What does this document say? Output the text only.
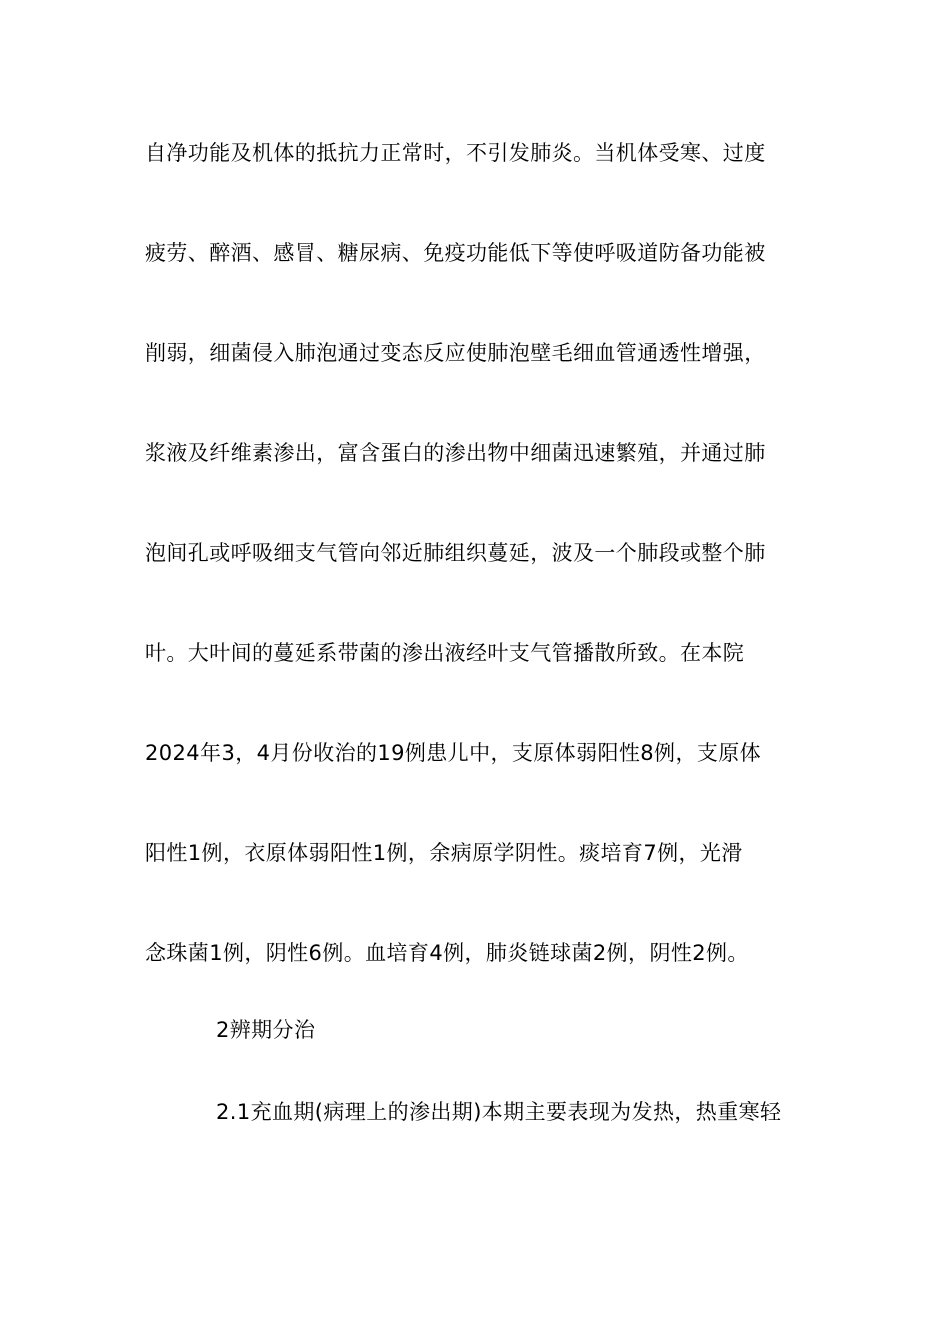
自净功能及机体的抵抗力正常时，不引发肺炎。当机体受寒、过度
疲劳、醉酒、感冒、糖尿病、免疫功能低下等使呼吸道防备功能被
削弱，细菌侵入肺泡通过变态反应使肺泡壁毛细血管通透性增强，
浆液及纤维素渗出，富含蛋白的渗出物中细菌迅速繁殖，并通过肺
泡间孔或呼吸细支气管向邻近肺组织蔓延，波及一个肺段或整个肺
叶。大叶间的蔓延系带菌的渗出液经叶支气管播散所致。在本院
2024年3，4月份收治的19例患儿中，支原体弱阳性8例，支原体
阳性1例，衣原体弱阳性1例，余病原学阴性。痰培育7例，光滑
念珠菌1例，阴性6例。血培育4例，肺炎链球菌2例，阴性2例。
2辨期分治
2.1充血期(病理上的渗出期)本期主要表现为发热，热重寒轻
